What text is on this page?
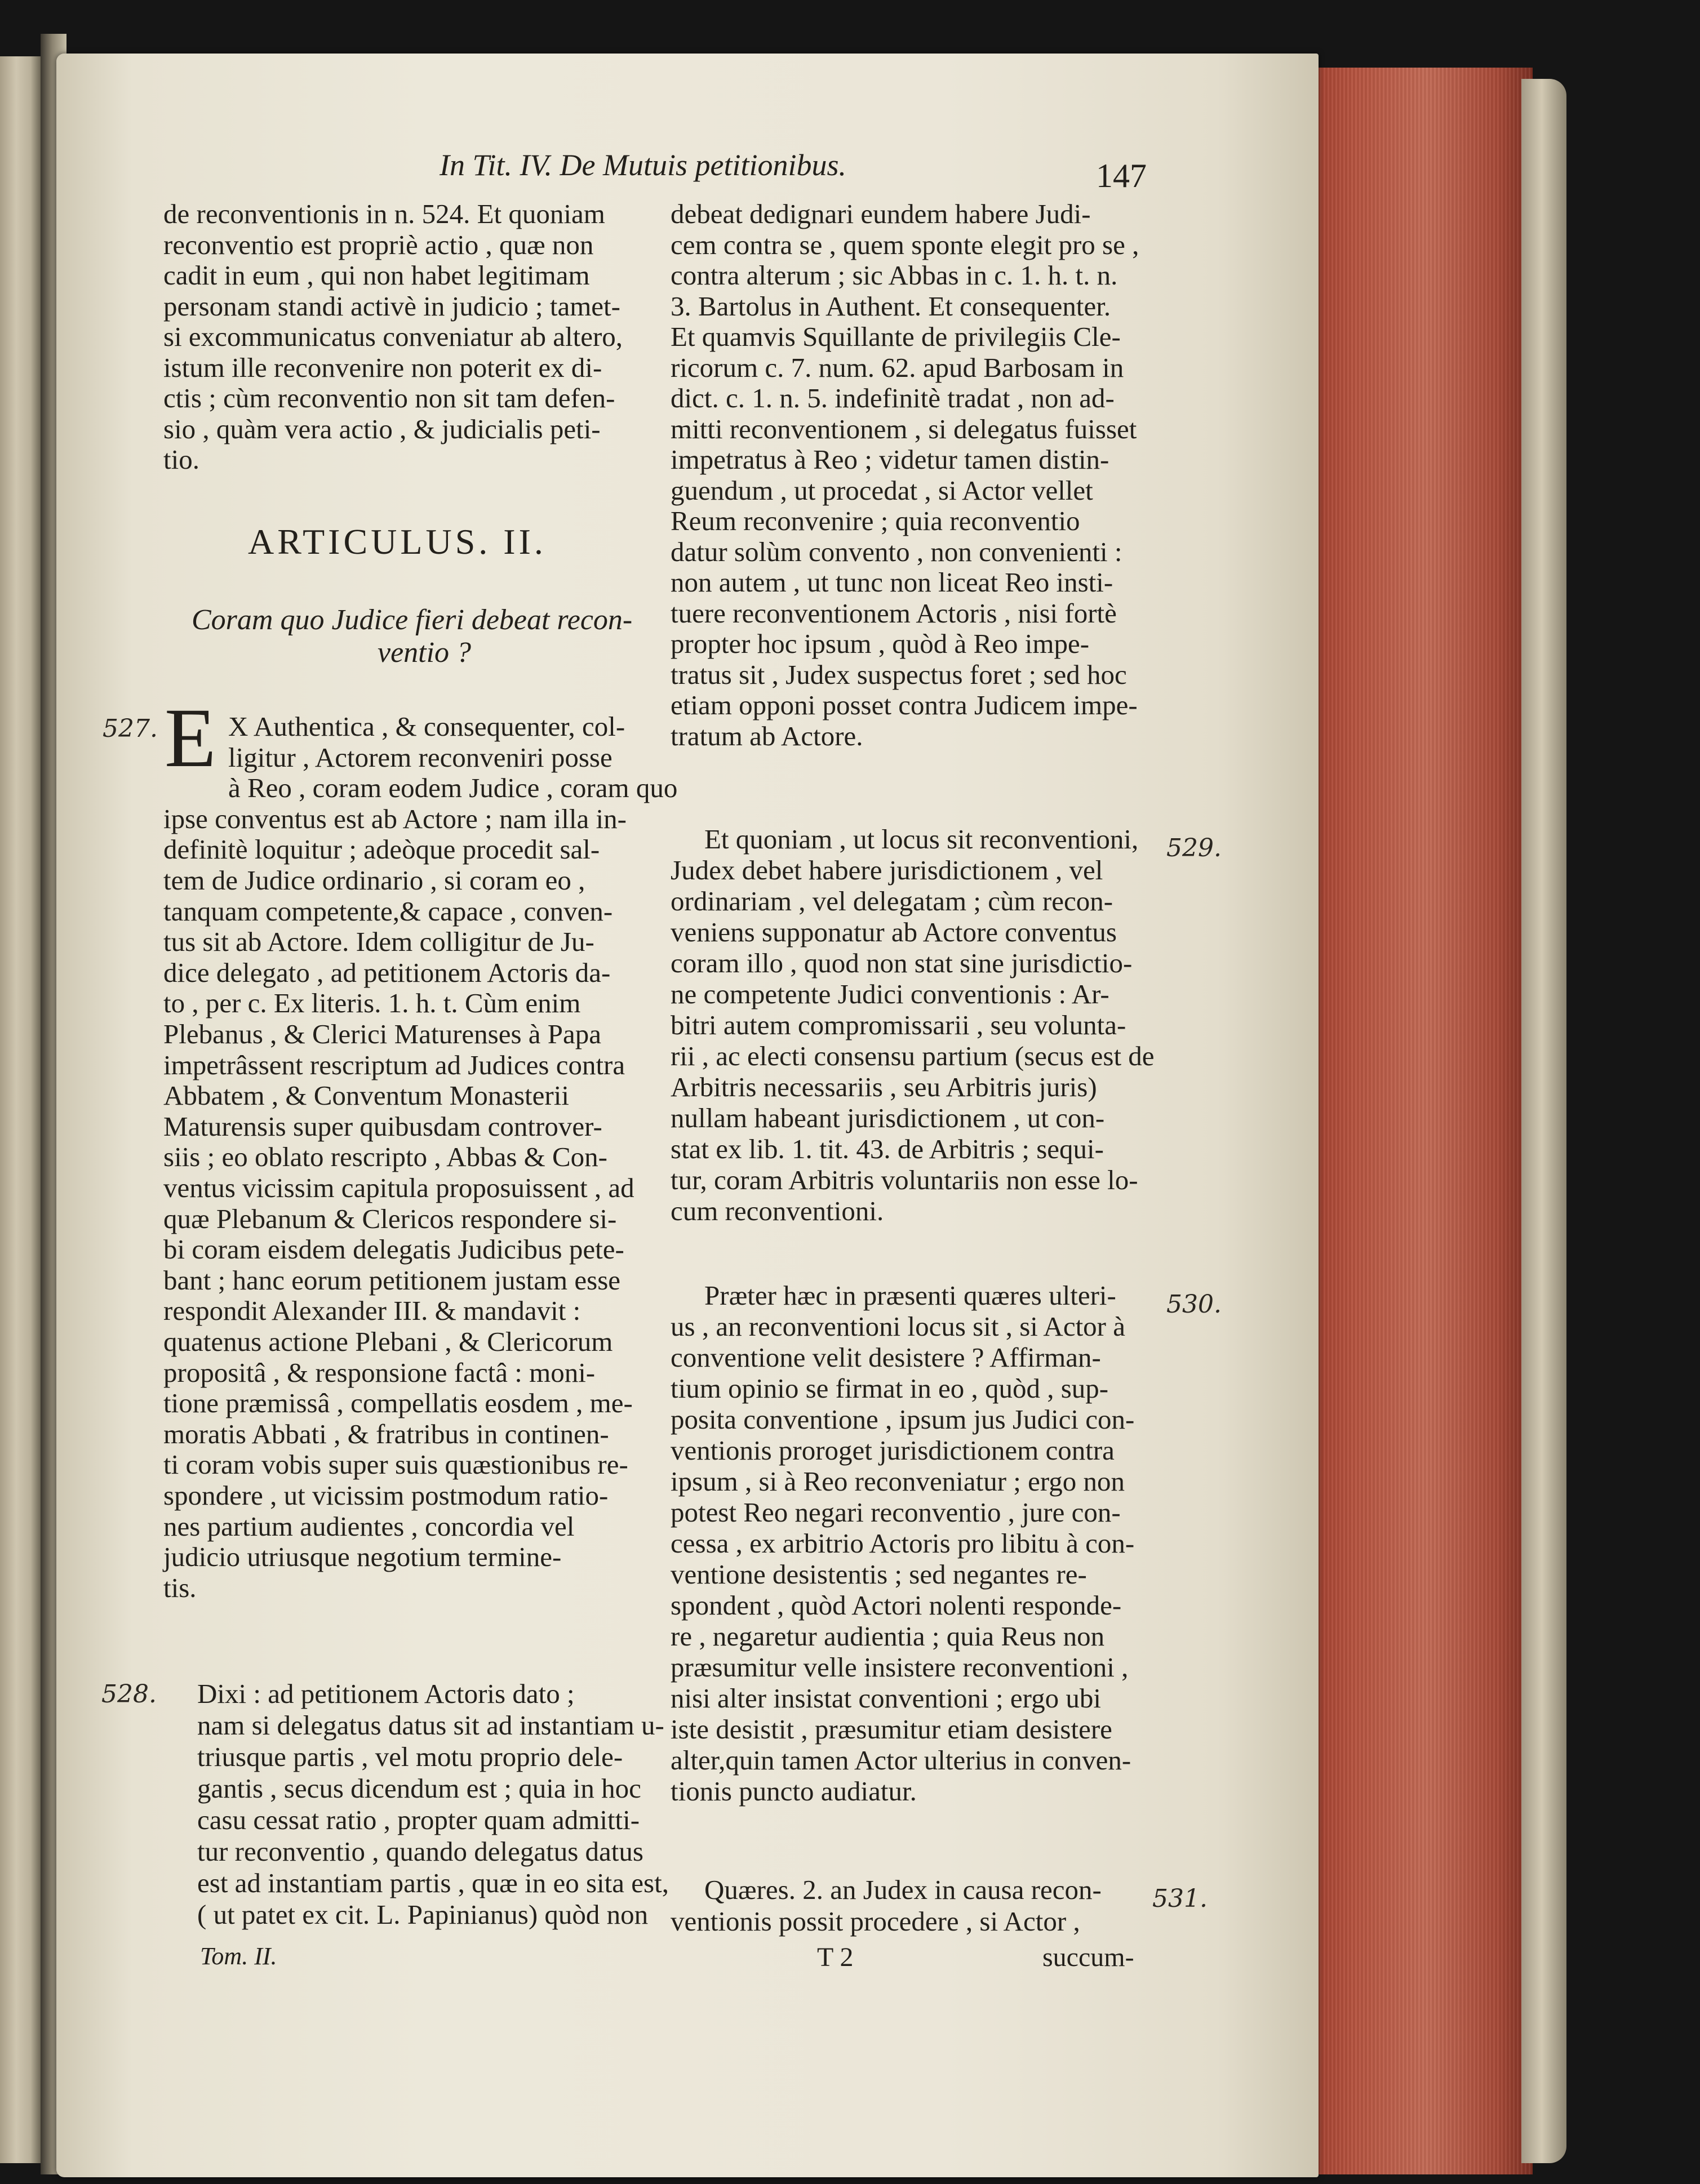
In Tit. IV. De Mutuis petitionibus.	147
de reconventionis in n. 524. Et quoniam
reconventio est propriè actio , quæ non
cadit in eum , qui non habet legitimam
personam standi activè in judicio ; tamet-
si excommunicatus conveniatur ab altero,
istum ille reconvenire non poterit ex di-
ctis ; cùm reconventio non sit tam defen-
sio , quàm vera actio , & judicialis peti-
tio.
ARTICULUS. II.
Coram quo Judice fieri debeat recon-
ventio ?
E X Authentica , & consequenter, col-
ligitur , Actorem reconveniri posse
à Reo , coram eodem Judice , coram quo
ipse conventus est ab Actore ; nam illa in-
definitè loquitur ; adeòque procedit sal-
tem de Judice ordinario , si coram eo ,
tanquam competente,& capace , conven-
tus sit ab Actore. Idem colligitur de Ju-
dice delegato , ad petitionem Actoris da-
to , per c. Ex literis. 1. h. t. Cùm enim
Plebanus , & Clerici Maturenses à Papa
impetrâssent rescriptum ad Judices contra
Abbatem , & Conventum Monasterii
Maturensis super quibusdam controver-
siis ; eo oblato rescripto , Abbas & Con-
ventus vicissim capitula proposuissent , ad
quæ Plebanum & Clericos respondere si-
bi coram eisdem delegatis Judicibus pete-
bant ; hanc eorum petitionem justam esse
respondit Alexander III. & mandavit :
quatenus actione Plebani , & Clericorum
propositâ , & responsione factâ : moni-
tione præmissâ , compellatis eosdem , me-
moratis Abbati , & fratribus in continen-
ti coram vobis super suis quæstionibus re-
spondere , ut vicissim postmodum ratio-
nes partium audientes , concordia vel
judicio utriusque negotium termine-
tis.
Dixi : ad petitionem Actoris dato ;
nam si delegatus datus sit ad instantiam u-
triusque partis , vel motu proprio dele-
gantis , secus dicendum est ; quia in hoc
casu cessat ratio , propter quam admitti-
tur reconventio , quando delegatus datus
est ad instantiam partis , quæ in eo sita est,
( ut patet ex cit. L. Papinianus) quòd non
Tom. II.
debeat dedignari eundem habere Judi-
cem contra se , quem sponte elegit pro se ,
contra alterum ; sic Abbas in c. 1. h. t. n.
3. Bartolus in Authent. Et consequenter.
Et quamvis Squillante de privilegiis Cle-
ricorum c. 7. num. 62. apud Barbosam in
dict. c. 1. n. 5. indefinitè tradat , non ad-
mitti reconventionem , si delegatus fuisset
impetratus à Reo ; videtur tamen distin-
guendum , ut procedat , si Actor vellet
Reum reconvenire ; quia reconventio
datur solùm convento , non convenienti :
non autem , ut tunc non liceat Reo insti-
tuere reconventionem Actoris , nisi fortè
propter hoc ipsum , quòd à Reo impe-
tratus sit , Judex suspectus foret ; sed hoc
etiam opponi posset contra Judicem impe-
tratum ab Actore.
Et quoniam , ut locus sit reconventioni,
Judex debet habere jurisdictionem , vel
ordinariam , vel delegatam ; cùm recon-
veniens supponatur ab Actore conventus
coram illo , quod non stat sine jurisdictio-
ne competente Judici conventionis : Ar-
bitri autem compromissarii , seu volunta-
rii , ac electi consensu partium (secus est de
Arbitris necessariis , seu Arbitris juris)
nullam habeant jurisdictionem , ut con-
stat ex lib. 1. tit. 43. de Arbitris ; sequi-
tur, coram Arbitris voluntariis non esse lo-
cum reconventioni.
Præter hæc in præsenti quæres ulteri-
us , an reconventioni locus sit , si Actor à
conventione velit desistere ? Affirman-
tium opinio se firmat in eo , quòd , sup-
posita conventione , ipsum jus Judici con-
ventionis proroget jurisdictionem contra
ipsum , si à Reo reconveniatur ; ergo non
potest Reo negari reconventio , jure con-
cessa , ex arbitrio Actoris pro libitu à con-
ventione desistentis ; sed negantes re-
spondent , quòd Actori nolenti responde-
re , negaretur audientia ; quia Reus non
præsumitur velle insistere reconventioni ,
nisi alter insistat conventioni ; ergo ubi
iste desistit , præsumitur etiam desistere
alter,quin tamen Actor ulterius in conven-
tionis puncto audiatur.
Quæres. 2. an Judex in causa recon-
ventionis possit procedere , si Actor ,
T 2	succum-
527.
528.
529.
530.
531.
